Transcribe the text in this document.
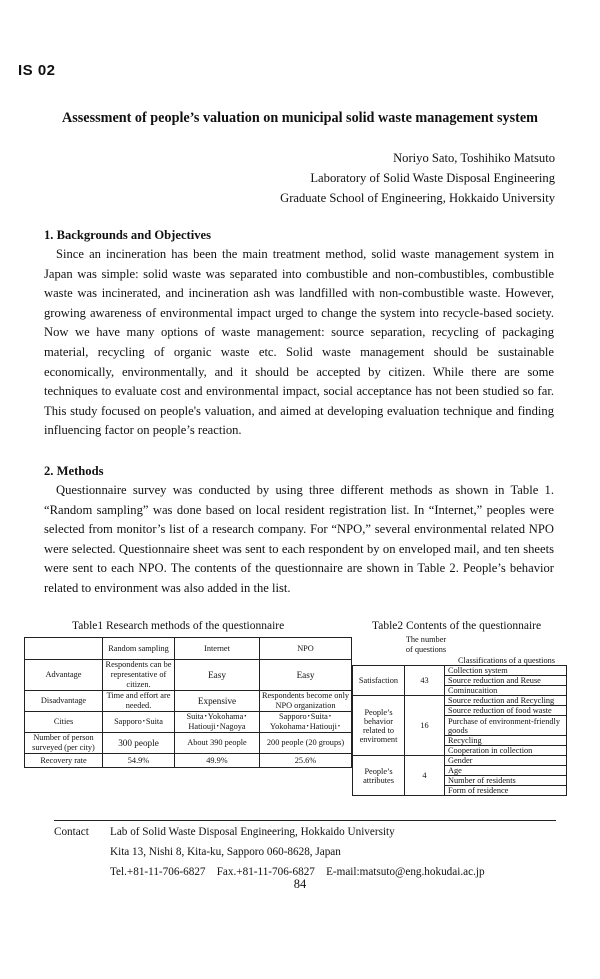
IS 02
Assessment of people’s valuation on municipal solid waste management system
Noriyo Sato, Toshihiko Matsuto
Laboratory of Solid Waste Disposal Engineering
Graduate School of Engineering, Hokkaido University
1. Backgrounds and Objectives

Since an incineration has been the main treatment method, solid waste management system in Japan was simple: solid waste was separated into combustible and non-combustibles, combustible waste was incinerated, and incineration ash was landfilled with non-combustible waste. However, growing awareness of environmental impact urged to change the system into recycle-based society. Now we have many options of waste management: source separation, recycling of packaging material, recycling of organic waste etc. Solid waste management should be sustainable economically, environmentally, and it should be accepted by citizen. While there are some techniques to evaluate cost and environmental impact, social acceptance has not been studied so far. This study focused on people's valuation, and aimed at developing evaluation technique and finding influencing factor on people’s reaction.

2. Methods

Questionnaire survey was conducted by using three different methods as shown in Table 1. “Random sampling” was done based on local resident registration list. In “Internet,” peoples were selected from monitor’s list of a research company. For “NPO,” several environmental related NPO were selected. Questionnaire sheet was sent to each respondent by on enveloped mail, and ten sheets were sent to each NPO. The contents of the questionnaire are shown in Table 2. People’s behavior related to environment was also added in the list.

Table1 Research methods of the questionnaire
	Random sampling	Internet	NPO
Advantage	Respondents can be representative of citizen.	Easy	Easy
Disadvantage	Time and effort are needed.	Expensive	Respondents become only NPO organization
Cities	Sapporo･Suita	Suita･Yokohama･Hatiouji･Nagoya	Sapporo･Suita･Yokohama･Hatiouji･
Number of person surveyed (per city)	300 people	About 390 people	200 people (20 groups)
Recovery rate	54.9%	49.9%	25.6%
Table2 Contents of the questionnaire
The number of questions
Classifications of a questions
Satisfaction	43	Collection system
		Source reduction and Reuse
		Cominucaition
People’s behavior related to enviroment	16	Source reduction and Recycling
		Source reduction of food waste
		Purchase of environment-friendly goods
		Recycling
		Cooperation in collection
People’s attributes	4	Gender
		Age
		Number of residents
		Form of residence
Contact Lab of Solid Waste Disposal Engineering, Hokkaido University
Kita 13, Nishi 8, Kita-ku, Sapporo 060-8628, Japan
Tel.+81-11-706-6827    Fax.+81-11-706-6827    E-mail:matsuto@eng.hokudai.ac.jp
84
